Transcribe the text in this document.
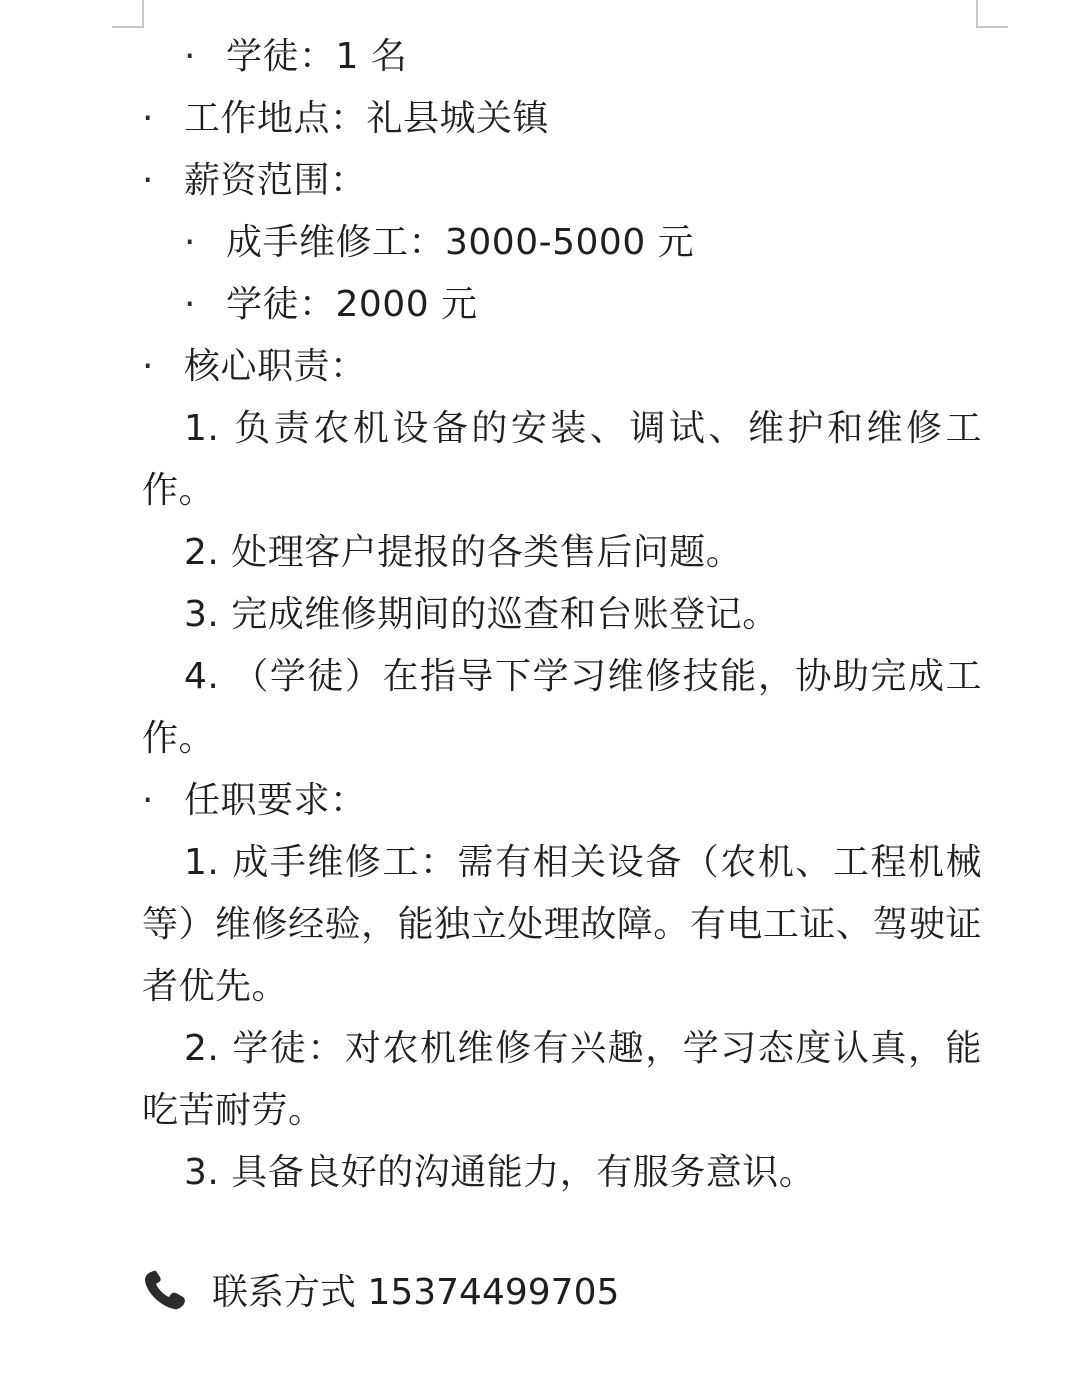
· 学徒：1 名
· 工作地点：礼县城关镇
· 薪资范围：
· 成手维修工：3000-5000 元
· 学徒：2000 元
· 核心职责：
1. 负责农机设备的安装、调试、维护和维修工作。
2. 处理客户提报的各类售后问题。
3. 完成维修期间的巡查和台账登记。
4. （学徒）在指导下学习维修技能，协助完成工作。
· 任职要求：
1. 成手维修工：需有相关设备（农机、工程机械等）维修经验，能独立处理故障。有电工证、驾驶证者优先。
2. 学徒：对农机维修有兴趣，学习态度认真，能吃苦耐劳。
3. 具备良好的沟通能力，有服务意识。
联系方式 15374499705
